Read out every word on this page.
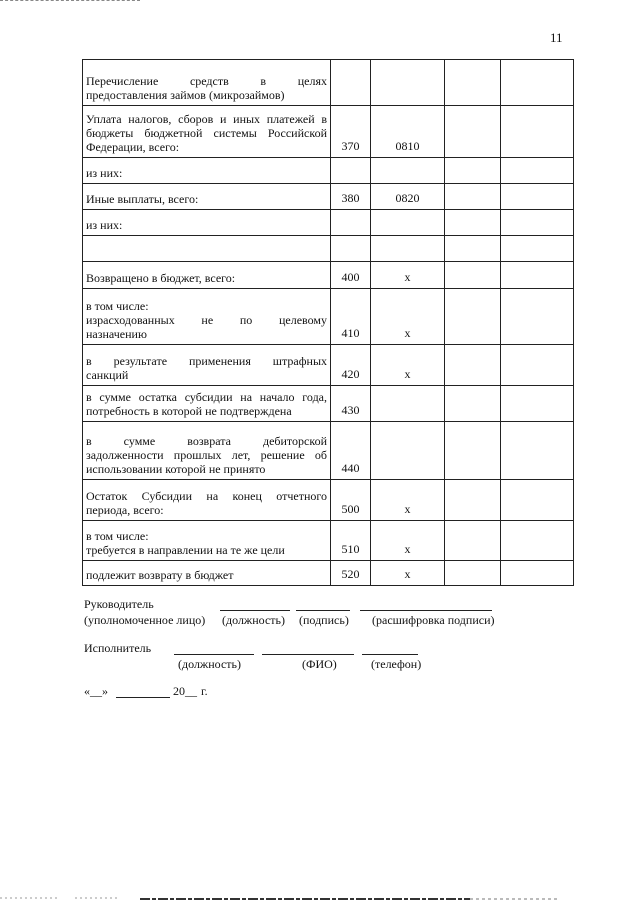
11
Перечисление средств в целях
предоставления займов (микрозаймов)				

Уплата налогов, сборов и иных платежей в
бюджеты бюджетной системы Российской
Федерации, всего:	370	0810		

из них:				

Иные выплаты, всего:	380	0820		

из них:				

Возвращено в бюджет, всего:	400	x		

в том числе:
израсходованных не по целевому
назначению	410	x		

в результате применения штрафных
санкций	420	x		

в сумме остатка субсидии на начало года,
потребность в которой не подтверждена	430			

в сумме возврата дебиторской
задолженности прошлых лет, решение об
использовании которой не принято	440			

Остаток Субсидии на конец отчетного
периода, всего:	500	x		

в том числе:
требуется в направлении на те же цели	510	x		

подлежит возврату в бюджет	520	x		
Руководитель
(уполномоченное лицо) (должность) (подпись) (расшифровка подписи)
Исполнитель
(должность)	(ФИО)	(телефон)
«__»	20__ г.
